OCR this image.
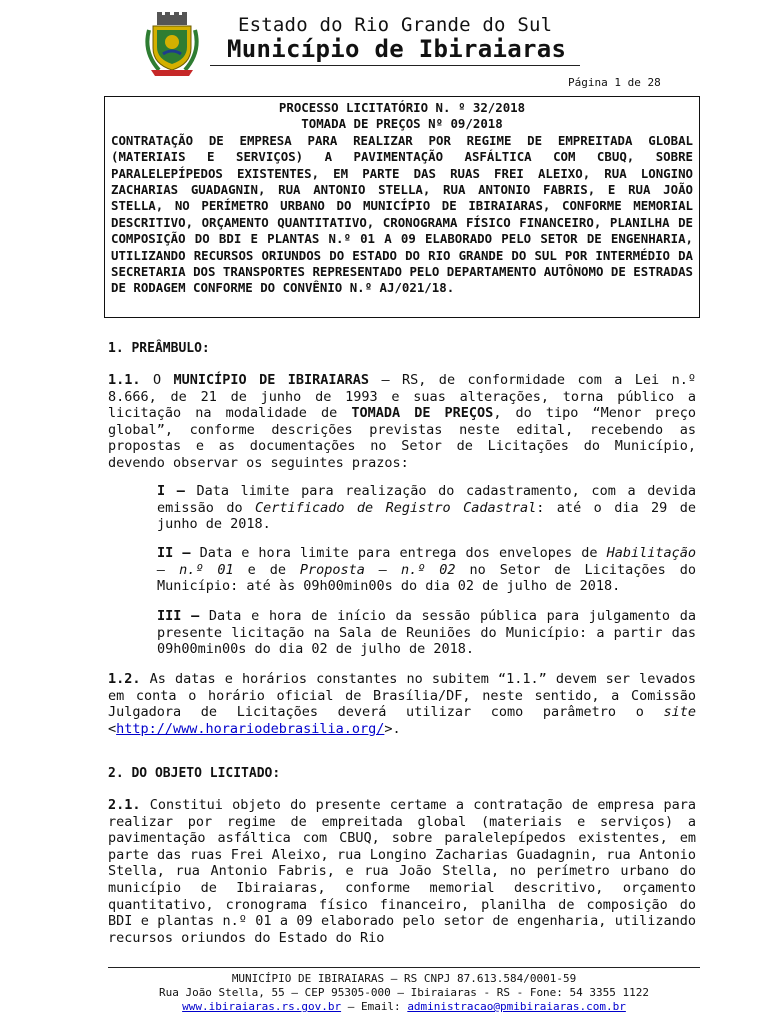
Estado do Rio Grande do Sul
Município de Ibiraiaras
Página 1 de 28
PROCESSO LICITATÓRIO N. º 32/2018
TOMADA DE PREÇOS Nº 09/2018
CONTRATAÇÃO DE EMPRESA PARA REALIZAR POR REGIME DE EMPREITADA GLOBAL (MATERIAIS E SERVIÇOS) A PAVIMENTAÇÃO ASFÁLTICA COM CBUQ, SOBRE PARALELEPÍPEDOS EXISTENTES, EM PARTE DAS RUAS FREI ALEIXO, RUA LONGINO ZACHARIAS GUADAGNIN, RUA ANTONIO STELLA, RUA ANTONIO FABRIS, E RUA JOÃO STELLA, NO PERÍMETRO URBANO DO MUNICÍPIO DE IBIRAIARAS, CONFORME MEMORIAL DESCRITIVO, ORÇAMENTO QUANTITATIVO, CRONOGRAMA FÍSICO FINANCEIRO, PLANILHA DE COMPOSIÇÃO DO BDI E PLANTAS N.º 01 A 09 ELABORADO PELO SETOR DE ENGENHARIA, UTILIZANDO RECURSOS ORIUNDOS DO ESTADO DO RIO GRANDE DO SUL POR INTERMÉDIO DA SECRETARIA DOS TRANSPORTES REPRESENTADO PELO DEPARTAMENTO AUTÔNOMO DE ESTRADAS DE RODAGEM CONFORME DO CONVÊNIO N.º AJ/021/18.
1. PREÂMBULO:
1.1. O MUNICÍPIO DE IBIRAIARAS – RS, de conformidade com a Lei n.º 8.666, de 21 de junho de 1993 e suas alterações, torna público a licitação na modalidade de TOMADA DE PREÇOS, do tipo “Menor preço global”, conforme descrições previstas neste edital, recebendo as propostas e as documentações no Setor de Licitações do Município, devendo observar os seguintes prazos:
I – Data limite para realização do cadastramento, com a devida emissão do Certificado de Registro Cadastral: até o dia 29 de junho de 2018.
II – Data e hora limite para entrega dos envelopes de Habilitação – n.º 01 e de Proposta – n.º 02 no Setor de Licitações do Município: até às 09h00min00s do dia 02 de julho de 2018.
III – Data e hora de início da sessão pública para julgamento da presente licitação na Sala de Reuniões do Município: a partir das 09h00min00s do dia 02 de julho de 2018.
1.2. As datas e horários constantes no subitem “1.1.” devem ser levados em conta o horário oficial de Brasília/DF, neste sentido, a Comissão Julgadora de Licitações deverá utilizar como parâmetro o site <http://www.horariodebrasilia.org/>.
2. DO OBJETO LICITADO:
2.1. Constitui objeto do presente certame a contratação de empresa para realizar por regime de empreitada global (materiais e serviços) a pavimentação asfáltica com CBUQ, sobre paralelepípedos existentes, em parte das ruas Frei Aleixo, rua Longino Zacharias Guadagnin, rua Antonio Stella, rua Antonio Fabris, e rua João Stella, no perímetro urbano do município de Ibiraiaras, conforme memorial descritivo, orçamento quantitativo, cronograma físico financeiro, planilha de composição do BDI e plantas n.º 01 a 09 elaborado pelo setor de engenharia, utilizando recursos oriundos do Estado do Rio
MUNICÍPIO DE IBIRAIARAS – RS CNPJ 87.613.584/0001-59
Rua João Stella, 55 – CEP 95305-000 – Ibiraiaras - RS - Fone: 54 3355 1122
www.ibiraiaras.rs.gov.br – Email: administracao@pmibiraiaras.com.br
